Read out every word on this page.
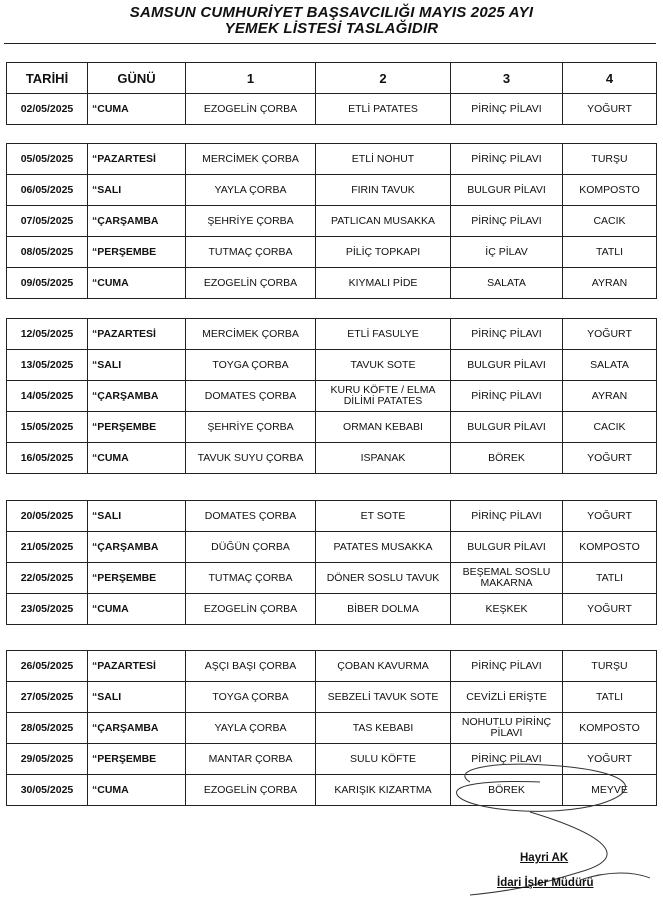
SAMSUN CUMHURİYET BAŞSAVCILIĞI MAYIS 2025 AYI
YEMEK LİSTESİ TASLAĞIDIR
TARİHİ	GÜNÜ	1	2	3	4
02/05/2025	“CUMA	EZOGELİN ÇORBA	ETLİ PATATES	PİRİNÇ PİLAVI	YOĞURT
05/05/2025	“PAZARTESİ	MERCİMEK ÇORBA	ETLİ NOHUT	PİRİNÇ PİLAVI	TURŞU
06/05/2025	“SALI	YAYLA ÇORBA	FIRIN TAVUK	BULGUR PİLAVI	KOMPOSTO
07/05/2025	“ÇARŞAMBA	ŞEHRİYE ÇORBA	PATLICAN MUSAKKA	PİRİNÇ PİLAVI	CACIK
08/05/2025	“PERŞEMBE	TUTMAÇ ÇORBA	PİLİÇ TOPKAPI	İÇ PİLAV	TATLI
09/05/2025	“CUMA	EZOGELİN ÇORBA	KIYMALI PİDE	SALATA	AYRAN
12/05/2025	“PAZARTESİ	MERCİMEK ÇORBA	ETLİ FASULYE	PİRİNÇ PİLAVI	YOĞURT
13/05/2025	“SALI	TOYGA ÇORBA	TAVUK SOTE	BULGUR PİLAVI	SALATA
14/05/2025	“ÇARŞAMBA	DOMATES ÇORBA	KURU KÖFTE / ELMA DİLİMİ PATATES	PİRİNÇ PİLAVI	AYRAN
15/05/2025	“PERŞEMBE	ŞEHRİYE ÇORBA	ORMAN KEBABI	BULGUR PİLAVI	CACIK
16/05/2025	“CUMA	TAVUK SUYU ÇORBA	ISPANAK	BÖREK	YOĞURT
20/05/2025	“SALI	DOMATES ÇORBA	ET SOTE	PİRİNÇ PİLAVI	YOĞURT
21/05/2025	“ÇARŞAMBA	DÜĞÜN ÇORBA	PATATES MUSAKKA	BULGUR PİLAVI	KOMPOSTO
22/05/2025	“PERŞEMBE	TUTMAÇ ÇORBA	DÖNER SOSLU TAVUK	BEŞEMAL SOSLU MAKARNA	TATLI
23/05/2025	“CUMA	EZOGELİN ÇORBA	BİBER DOLMA	KEŞKEK	YOĞURT
26/05/2025	“PAZARTESİ	AŞÇI BAŞI ÇORBA	ÇOBAN KAVURMA	PİRİNÇ PİLAVI	TURŞU
27/05/2025	“SALI	TOYGA ÇORBA	SEBZELİ TAVUK SOTE	CEVİZLİ ERİŞTE	TATLI
28/05/2025	“ÇARŞAMBA	YAYLA ÇORBA	TAS KEBABI	NOHUTLU PİRİNÇ PİLAVI	KOMPOSTO
29/05/2025	“PERŞEMBE	MANTAR ÇORBA	SULU KÖFTE	PİRİNÇ PİLAVI	YOĞURT
30/05/2025	“CUMA	EZOGELİN ÇORBA	KARIŞIK KIZARTMA	BÖREK	MEYVE
Hayri AK
İdari İşler Müdürü
